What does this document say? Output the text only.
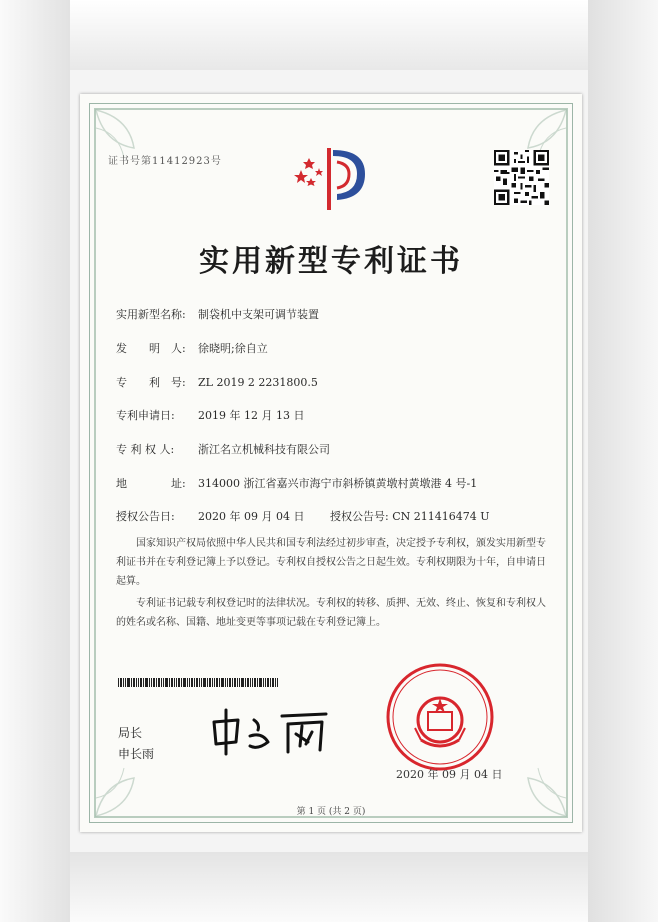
证书号第11412923号
实用新型专利证书
实用新型名称: 制袋机中支架可调节装置
发　　明　人: 徐晓明;徐自立
专　　利　号: ZL 2019 2 2231800.5
专利申请日: 2019 年 12 月 13 日
专 利 权 人: 浙江名立机械科技有限公司
地　　　　址: 314000 浙江省嘉兴市海宁市斜桥镇黄墩村黄墩港 4 号-1
授权公告日: 2020 年 09 月 04 日 授权公告号: CN 211416474 U
国家知识产权局依照中华人民共和国专利法经过初步审查，决定授予专利权，颁发实用新型专利证书并在专利登记簿上予以登记。专利权自授权公告之日起生效。专利权期限为十年，自申请日起算。
专利证书记载专利权登记时的法律状况。专利权的转移、质押、无效、终止、恢复和专利权人的姓名或名称、国籍、地址变更等事项记载在专利登记簿上。
局长
申长雨
2020 年 09 月 04 日
第 1 页 (共 2 页)
